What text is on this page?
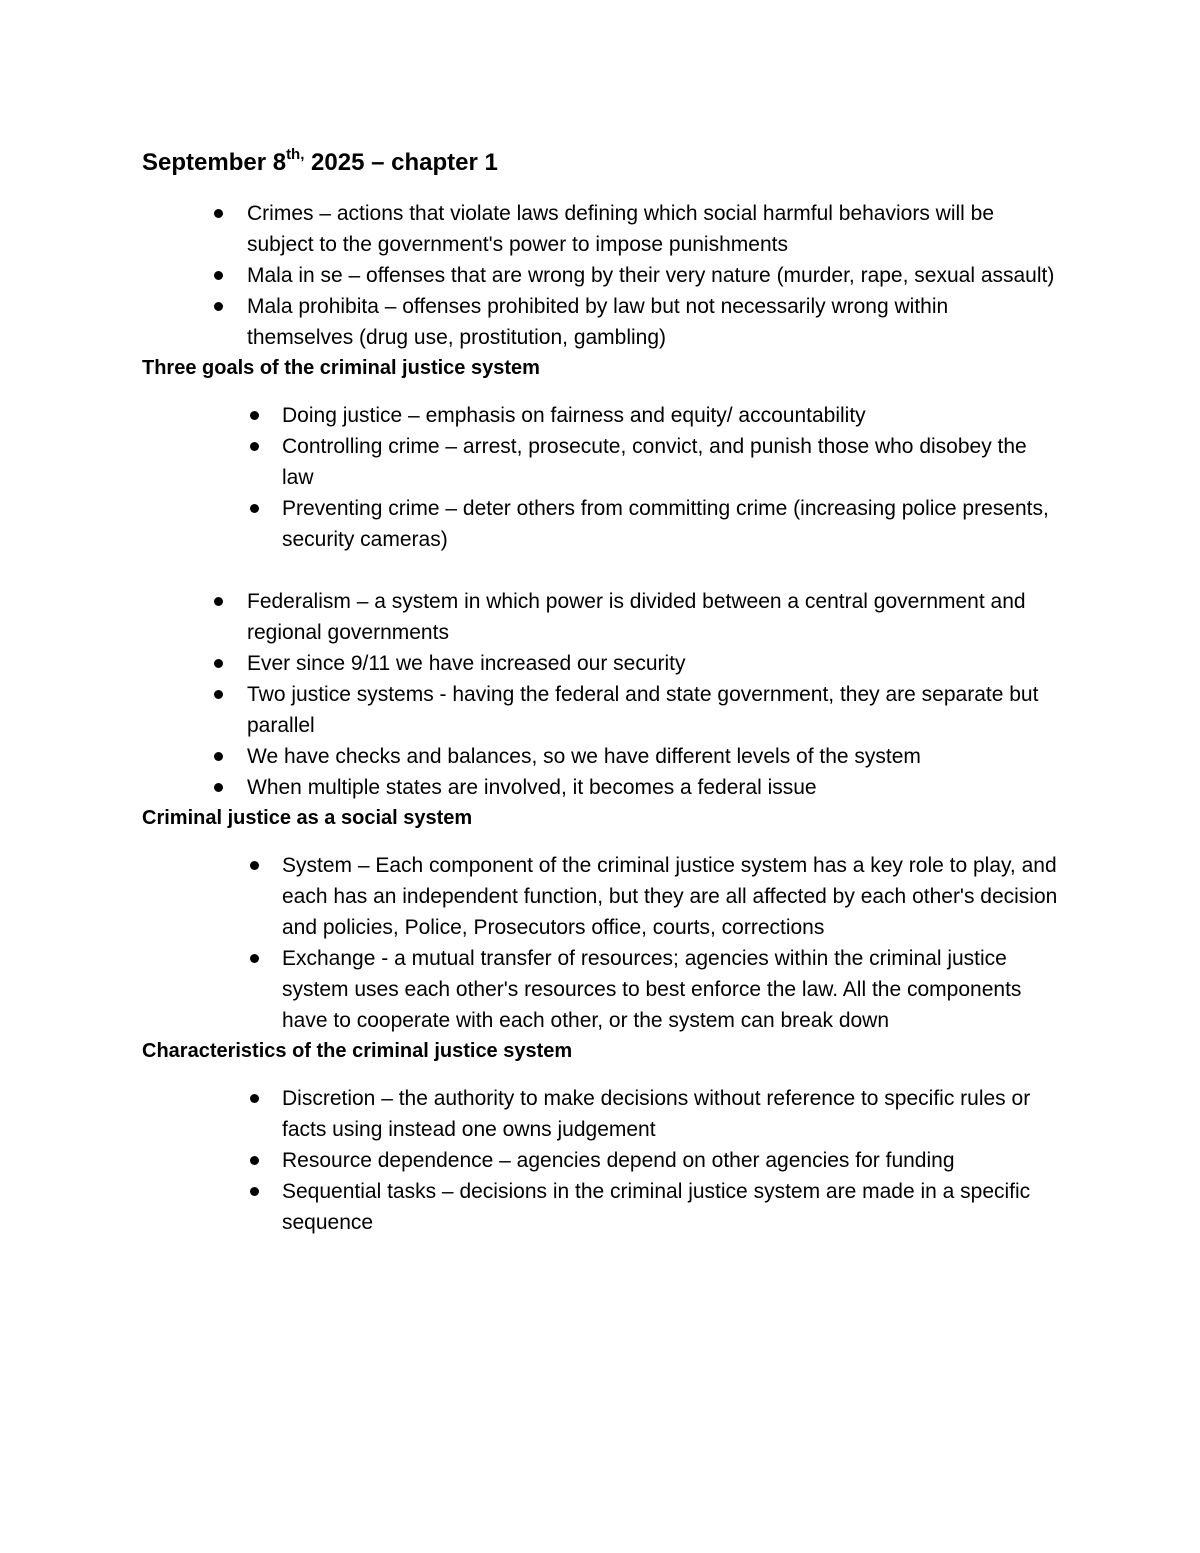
September $8^{th,}$ 2025 – chapter 1
Crimes – actions that violate laws defining which social harmful behaviors will be subject to the government's power to impose punishments
Mala in se – offenses that are wrong by their very nature (murder, rape, sexual assault)
Mala prohibita – offenses prohibited by law but not necessarily wrong within themselves (drug use, prostitution, gambling)
Three goals of the criminal justice system
Doing justice – emphasis on fairness and equity/ accountability
Controlling crime – arrest, prosecute, convict, and punish those who disobey the law
Preventing crime – deter others from committing crime (increasing police presents, security cameras)
Federalism – a system in which power is divided between a central government and regional governments
Ever since 9/11 we have increased our security
Two justice systems - having the federal and state government, they are separate but parallel
We have checks and balances, so we have different levels of the system
When multiple states are involved, it becomes a federal issue
Criminal justice as a social system
System – Each component of the criminal justice system has a key role to play, and each has an independent function, but they are all affected by each other's decision and policies, Police, Prosecutors office, courts, corrections
Exchange - a mutual transfer of resources; agencies within the criminal justice system uses each other's resources to best enforce the law. All the components have to cooperate with each other, or the system can break down
Characteristics of the criminal justice system
Discretion – the authority to make decisions without reference to specific rules or facts using instead one owns judgement
Resource dependence – agencies depend on other agencies for funding
Sequential tasks – decisions in the criminal justice system are made in a specific sequence
